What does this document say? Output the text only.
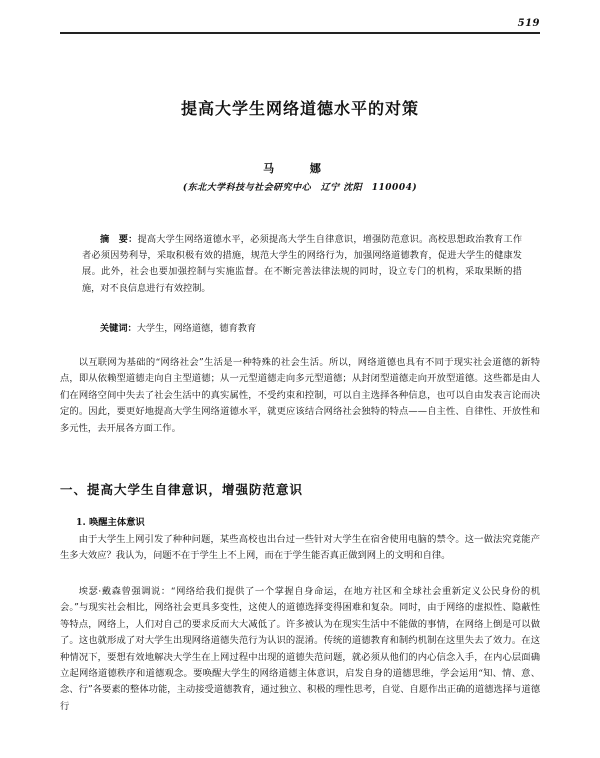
519
提高大学生网络道德水平的对策
马 娜
(东北大学科技与社会研究中心　辽宁 沈阳　110004)
摘　要：提高大学生网络道德水平，必须提高大学生自律意识，增强防范意识。高校思想政治教育工作者必须因势利导，采取积极有效的措施，规范大学生的网络行为，加强网络道德教育，促进大学生的健康发展。此外，社会也要加强控制与实施监督。在不断完善法律法规的同时，设立专门的机构，采取果断的措施，对不良信息进行有效控制。
关键词：大学生，网络道德，德育教育
以互联网为基础的“网络社会”生活是一种特殊的社会生活。所以，网络道德也具有不同于现实社会道德的新特点，即从依赖型道德走向自主型道德；从一元型道德走向多元型道德；从封闭型道德走向开放型道德。这些都是由人们在网络空间中失去了社会生活中的真实属性，不受约束和控制，可以自主选择各种信息，也可以自由发表言论而决定的。因此，要更好地提高大学生网络道德水平，就更应该结合网络社会独特的特点——自主性、自律性、开放性和多元性，去开展各方面工作。
一、提高大学生自律意识，增强防范意识
1. 唤醒主体意识
由于大学生上网引发了种种问题，某些高校也出台过一些针对大学生在宿舍使用电脑的禁令。这一做法究竟能产生多大效应？我认为，问题不在于学生上不上网，而在于学生能否真正做到网上的文明和自律。
埃瑟·戴森曾强调说：“网络给我们提供了一个掌握自身命运，在地方社区和全球社会重新定义公民身份的机会。”与现实社会相比，网络社会更具多变性，这使人的道德选择变得困难和复杂。同时，由于网络的虚拟性、隐蔽性等特点，网络上，人们对自己的要求反而大大减低了。许多被认为在现实生活中不能做的事情，在网络上倒是可以做了。这也就形成了对大学生出现网络道德失范行为认识的混淆。传统的道德教育和制约机制在这里失去了效力。在这种情况下，要想有效地解决大学生在上网过程中出现的道德失范问题，就必须从他们的内心信念入手，在内心层面确立起网络道德秩序和道德观念。要唤醒大学生的网络道德主体意识，启发自身的道德思维，学会运用“知、情、意、念、行”各要素的整体功能，主动接受道德教育，通过独立、积极的理性思考，自觉、自愿作出正确的道德选择与道德行
